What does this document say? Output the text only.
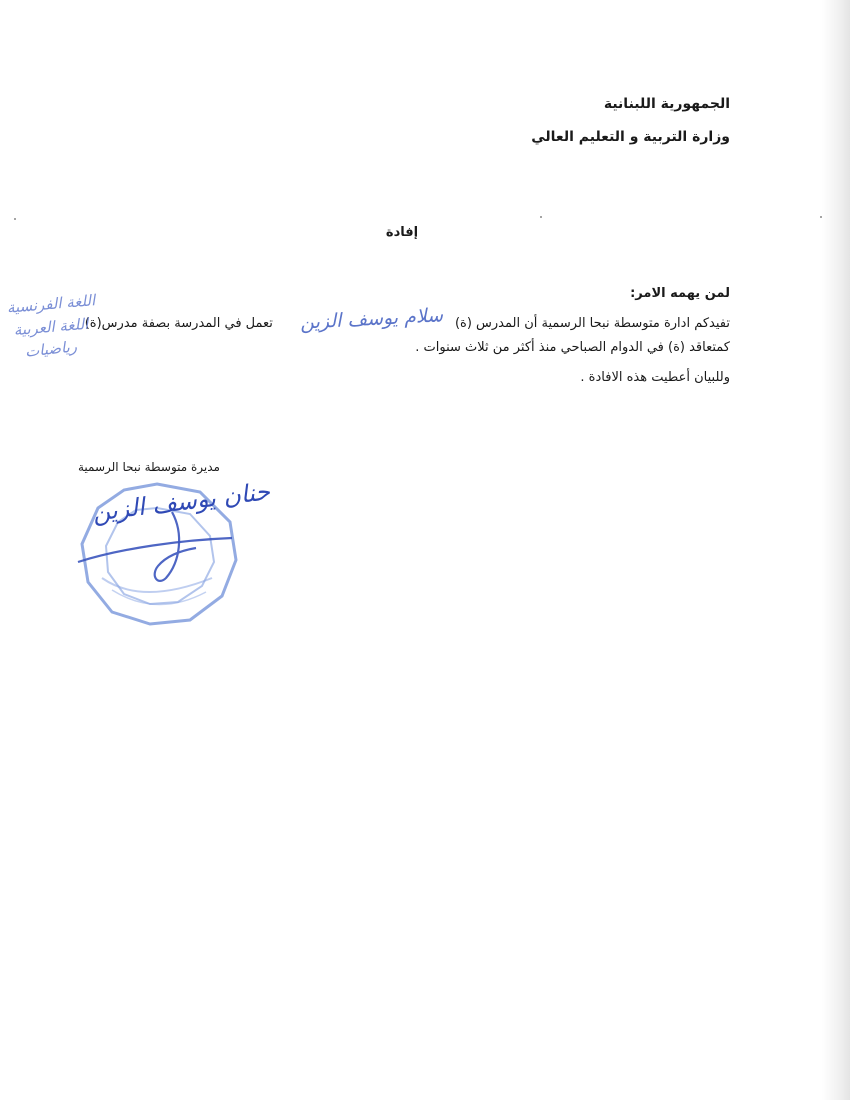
الجمهورية اللبنانية
وزارة التربية و التعليم العالي
إفادة
لمن يهمه الامر:
تفيدكم ادارة متوسطة نبحا الرسمية أن المدرس (ة)تعمل في المدرسة بصفة مدرس(ة)
كمتعاقد (ة) في الدوام الصباحي منذ أكثر من ثلاث سنوات .
وللبيان أعطيت هذه الافادة .
سلام يوسف الزين
اللغة الفرنسية
اللغة العربية
رياضيات
مديرة متوسطة نبحا الرسمية
حنان يوسف الزين
